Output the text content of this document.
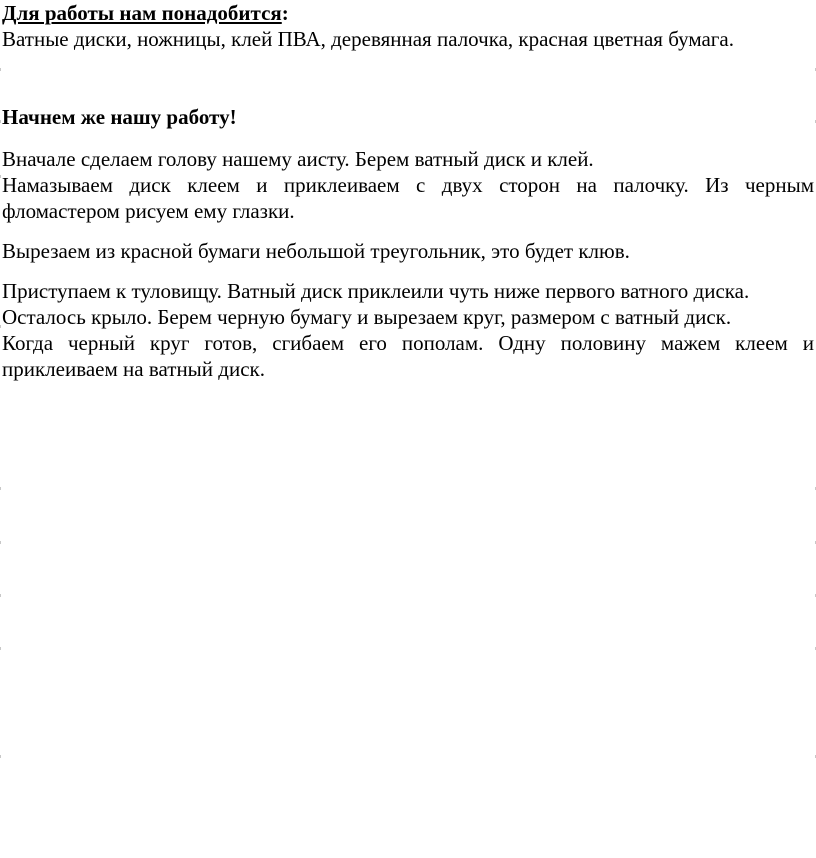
Для работы нам понадобится:

Ватные диски, ножницы, клей ПВА, деревянная палочка, красная цветная бумага.

Начнем же нашу работу!

Вначале сделаем голову нашему аисту. Берем ватный диск и клей.

Намазываем диск клеем и приклеиваем с двух сторон на палочку. Из черным фломастером рисуем ему глазки.

Вырезаем из красной бумаги небольшой треугольник, это будет клюв.

Приступаем к туловищу. Ватный диск приклеили чуть ниже первого ватного диска.

Осталось крыло. Берем черную бумагу и вырезаем круг, размером с ватный диск.

Когда черный круг готов, сгибаем его пополам. Одну половину мажем клеем и приклеиваем на ватный диск.
